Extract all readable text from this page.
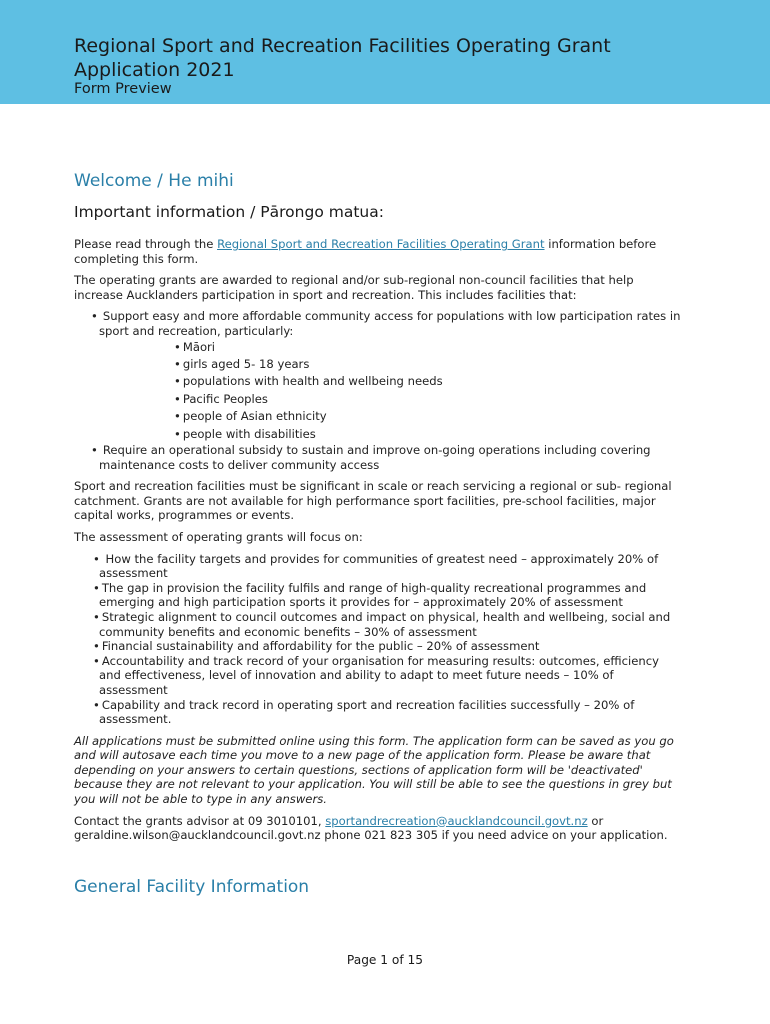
Regional Sport and Recreation Facilities Operating Grant Application 2021
Form Preview
Welcome / He mihi
Important information / Pārongo matua:

Please read through the Regional Sport and Recreation Facilities Operating Grant information before completing this form.

The operating grants are awarded to regional and/or sub-regional non-council facilities that help increase Aucklanders participation in sport and recreation. This includes facilities that:

• Support easy and more affordable community access for populations with low participation rates in sport and recreation, particularly:
• Māori
• girls aged 5- 18 years
• populations with health and wellbeing needs
• Pacific Peoples
• people of Asian ethnicity
• people with disabilities
• Require an operational subsidy to sustain and improve on-going operations including covering maintenance costs to deliver community access

Sport and recreation facilities must be significant in scale or reach servicing a regional or sub- regional catchment. Grants are not available for high performance sport facilities, pre-school facilities, major capital works, programmes or events.

The assessment of operating grants will focus on:

• How the facility targets and provides for communities of greatest need – approximately 20% of assessment
• The gap in provision the facility fulfils and range of high-quality recreational programmes and emerging and high participation sports it provides for – approximately 20% of assessment
• Strategic alignment to council outcomes and impact on physical, health and wellbeing, social and community benefits and economic benefits – 30% of assessment
• Financial sustainability and affordability for the public – 20% of assessment
• Accountability and track record of your organisation for measuring results: outcomes, efficiency and effectiveness, level of innovation and ability to adapt to meet future needs – 10% of assessment
• Capability and track record in operating sport and recreation facilities successfully – 20% of assessment.

All applications must be submitted online using this form. The application form can be saved as you go and will autosave each time you move to a new page of the application form. Please be aware that depending on your answers to certain questions, sections of application form will be 'deactivated' because they are not relevant to your application. You will still be able to see the questions in grey but you will not be able to type in any answers.

Contact the grants advisor at 09 3010101, sportandrecreation@aucklandcouncil.govt.nz or geraldine.wilson@aucklandcouncil.govt.nz phone 021 823 305 if you need advice on your application.

General Facility Information
Page 1 of 15
